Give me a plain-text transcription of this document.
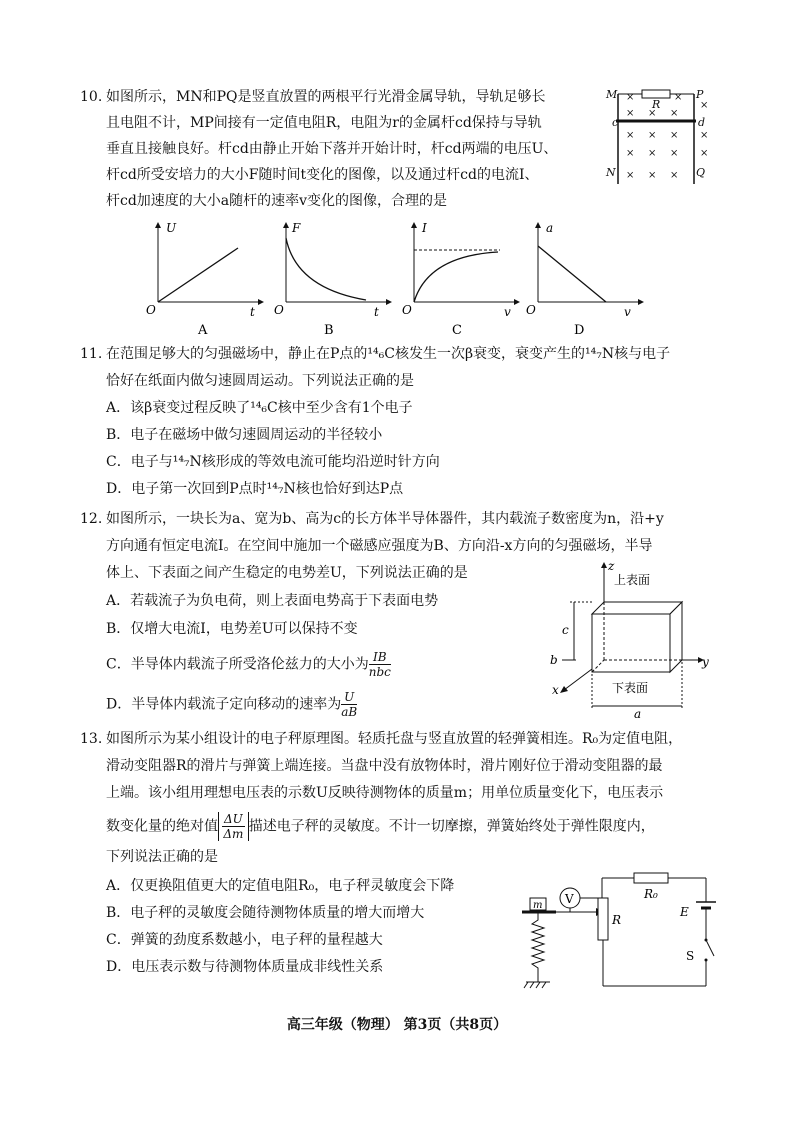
10. 如图所示，MN和PQ是竖直放置的两根平行光滑金属导轨，导轨足够长
且电阻不计，MP间接有一定值电阻R，电阻为r的金属杆cd保持与导轨
垂直且接触良好。杆cd由静止开始下落并开始计时，杆cd两端的电压U、
杆cd所受安培力的大小F随时间t变化的图像，以及通过杆cd的电流I、
杆cd加速度的大小a随杆的速率v变化的图像，合理的是
M	P
R
c	d
N	Q
×	×
×
× × ×
× × × ×
× × × ×
× × ×
U
t
O
A
F
t
O
B
I
v
O
C
a
v
O
D
11. 在范围足够大的匀强磁场中，静止在P点的¹⁴₆C核发生一次β衰变，衰变产生的¹⁴₇N核与电子
恰好在纸面内做匀速圆周运动。下列说法正确的是
A．该β衰变过程反映了¹⁴₆C核中至少含有1个电子
B．电子在磁场中做匀速圆周运动的半径较小
C．电子与¹⁴₇N核形成的等效电流可能均沿逆时针方向
D．电子第一次回到P点时¹⁴₇N核也恰好到达P点
12. 如图所示，一块长为a、宽为b、高为c的长方体半导体器件，其内载流子数密度为n，沿+y
方向通有恒定电流I。在空间中施加一个磁感应强度为B、方向沿-x方向的匀强磁场，半导
体上、下表面之间产生稳定的电势差U，下列说法正确的是
A．若载流子为负电荷，则上表面电势高于下表面电势
B．仅增大电流I，电势差U可以保持不变
C．半导体内载流子所受洛伦兹力的大小为 $\frac{IB}{\text{nbc}}$
D．半导体内载流子定向移动的速率为 $\frac{U}{aB}$
z
y
x
上表面
下表面
c
b
a
13. 如图所示为某小组设计的电子秤原理图。轻质托盘与竖直放置的轻弹簧相连。R₀为定值电阻，
滑动变阻器R的滑片与弹簧上端连接。当盘中没有放物体时，滑片刚好位于滑动变阻器的最
上端。该小组用理想电压表的示数U反映待测物体的质量m；用单位质量变化下，电压表示
数变化量的绝对值 $\frac{\Delta U}{\Delta m}$ 描述电子秤的灵敏度。不计一切摩擦，弹簧始终处于弹性限度内，
下列说法正确的是
A．仅更换阻值更大的定值电阻R₀，电子秤灵敏度会下降
B．电子秤的灵敏度会随待测物体质量的增大而增大
C．弹簧的劲度系数越小，电子秤的量程越大
D．电压表示数与待测物体质量成非线性关系
m V
R
R₀
E
S
高三年级（物理） 第3页（共8页）
